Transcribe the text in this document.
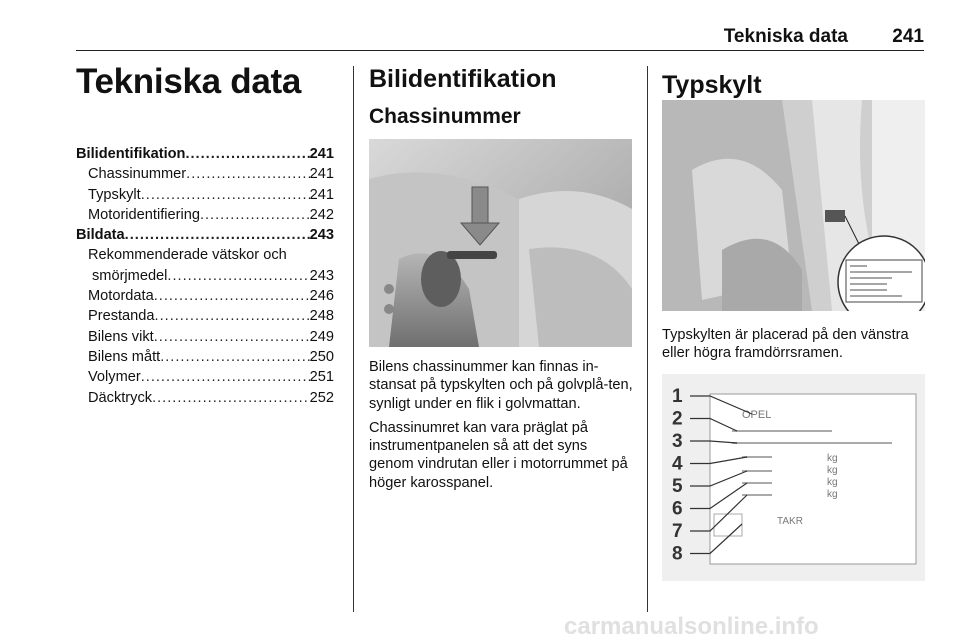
Tekniska data 241
Tekniska data
Bilidentifikation .....	241
Chassinummer .....	241
Typskylt .....	241
Motoridentifiering .....	242
Bildata .....	243
Rekommenderade vätskor och
smörjmedel .....	243
Motordata .....	246
Prestanda .....	248
Bilens vikt .....	249
Bilens mått .....	250
Volymer .....	251
Däcktryck .....	252
Bilidentifikation
Chassinummer

Bilens chassinummer kan finnas in-stansat på typskylten och på golvplå-ten, synligt under en flik i golvmattan.

Chassinumret kan vara präglat på instrumentpanelen så att det syns genom vindrutan eller i motorrummet på höger karosspanel.

Typskylt

Typskylten är placerad på den vänstra eller högra framdörrsramen.

OPEL
kg
kg
kg
kg
TAKR
1
2
3
4
5
6
7
8
carmanualsonline.info
